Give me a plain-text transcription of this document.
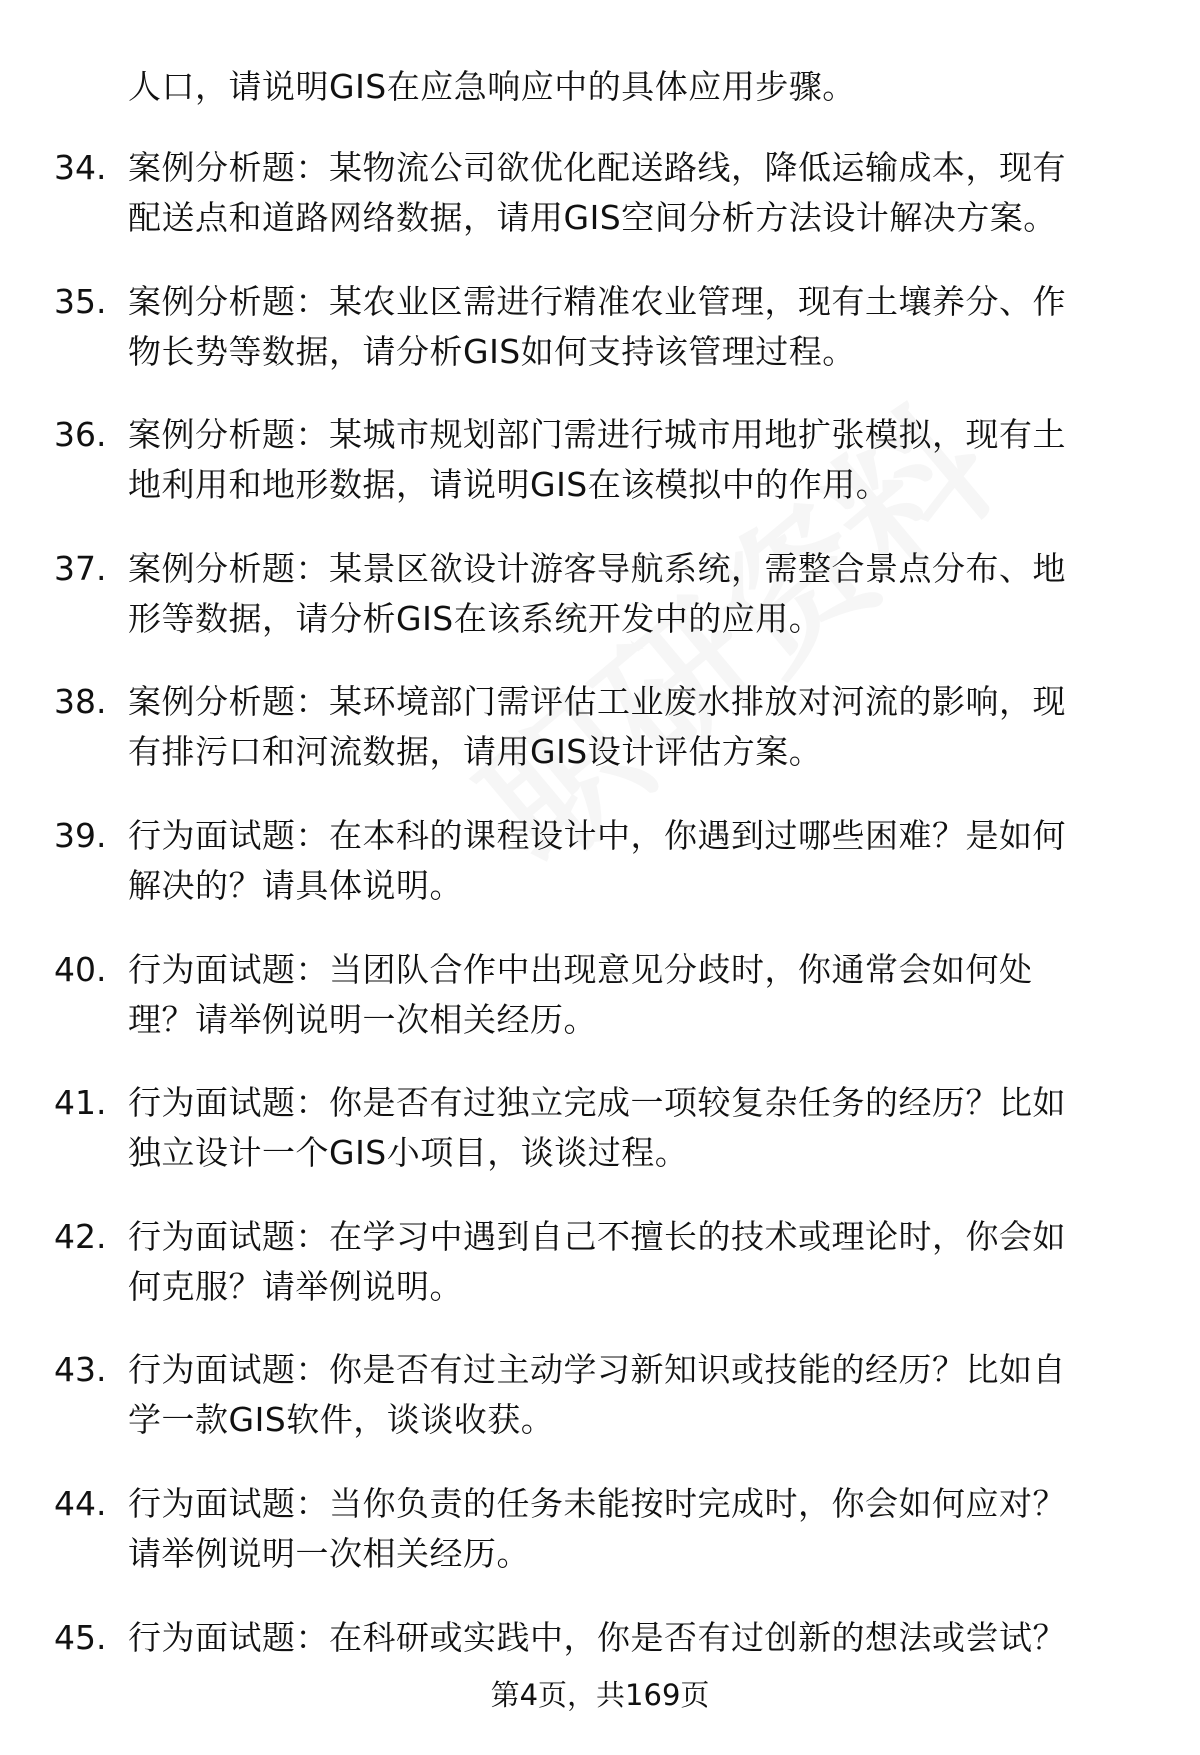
人口，请说明GIS在应急响应中的具体应用步骤。
34. 案例分析题：某物流公司欲优化配送路线，降低运输成本，现有
配送点和道路网络数据，请用GIS空间分析方法设计解决方案。
35. 案例分析题：某农业区需进行精准农业管理，现有土壤养分、作
物长势等数据，请分析GIS如何支持该管理过程。
36. 案例分析题：某城市规划部门需进行城市用地扩张模拟，现有土
地利用和地形数据，请说明GIS在该模拟中的作用。
37. 案例分析题：某景区欲设计游客导航系统，需整合景点分布、地
形等数据，请分析GIS在该系统开发中的应用。
38. 案例分析题：某环境部门需评估工业废水排放对河流的影响，现
有排污口和河流数据，请用GIS设计评估方案。
39. 行为面试题：在本科的课程设计中，你遇到过哪些困难？是如何
解决的？请具体说明。
40. 行为面试题：当团队合作中出现意见分歧时，你通常会如何处
理？请举例说明一次相关经历。
41. 行为面试题：你是否有过独立完成一项较复杂任务的经历？比如
独立设计一个GIS小项目，谈谈过程。
42. 行为面试题：在学习中遇到自己不擅长的技术或理论时，你会如
何克服？请举例说明。
43. 行为面试题：你是否有过主动学习新知识或技能的经历？比如自
学一款GIS软件，谈谈收获。
44. 行为面试题：当你负责的任务未能按时完成时，你会如何应对？
请举例说明一次相关经历。
45. 行为面试题：在科研或实践中，你是否有过创新的想法或尝试？
第4页，共169页
